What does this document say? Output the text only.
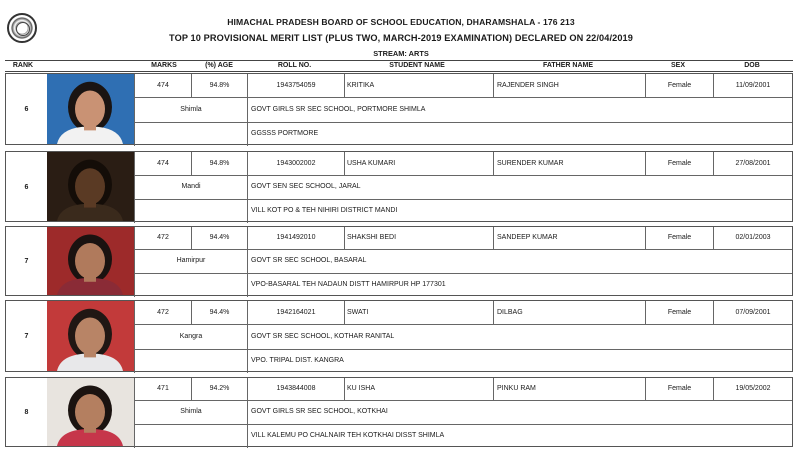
HIMACHAL PRADESH BOARD OF SCHOOL EDUCATION, DHARAMSHALA - 176 213
TOP 10 PROVISIONAL MERIT LIST (PLUS TWO, MARCH-2019 EXAMINATION) DECLARED ON 22/04/2019
STREAM: ARTS
RANK	MARKS	(%) AGE	ROLL NO.	STUDENT NAME	FATHER NAME	SEX	DOB
6
474	94.8%	1943754059	KRITIKA	RAJENDER SINGH	Female	11/09/2001
Shimla	GOVT GIRLS SR SEC SCHOOL, PORTMORE SHIMLA
GGSSS PORTMORE
6
474	94.8%	1943002002	USHA KUMARI	SURENDER KUMAR	Female	27/08/2001
Mandi	GOVT SEN SEC SCHOOL, JARAL
VILL KOT PO & TEH NIHIRI DISTRICT MANDI
7
472	94.4%	1941492010	SHAKSHI BEDI	SANDEEP KUMAR	Female	02/01/2003
Hamirpur	GOVT SR SEC SCHOOL, BASARAL
VPO-BASARAL TEH NADAUN DISTT HAMIRPUR HP 177301
7
472	94.4%	1942164021	SWATI	DILBAG	Female	07/09/2001
Kangra	GOVT SR SEC SCHOOL, KOTHAR RANITAL
VPO. TRIPAL DIST. KANGRA
8
471	94.2%	1943844008	KU ISHA	PINKU RAM	Female	19/05/2002
Shimla	GOVT GIRLS SR SEC SCHOOL, KOTKHAI
VILL KALEMU PO CHALNAIR TEH KOTKHAI DISST SHIMLA
